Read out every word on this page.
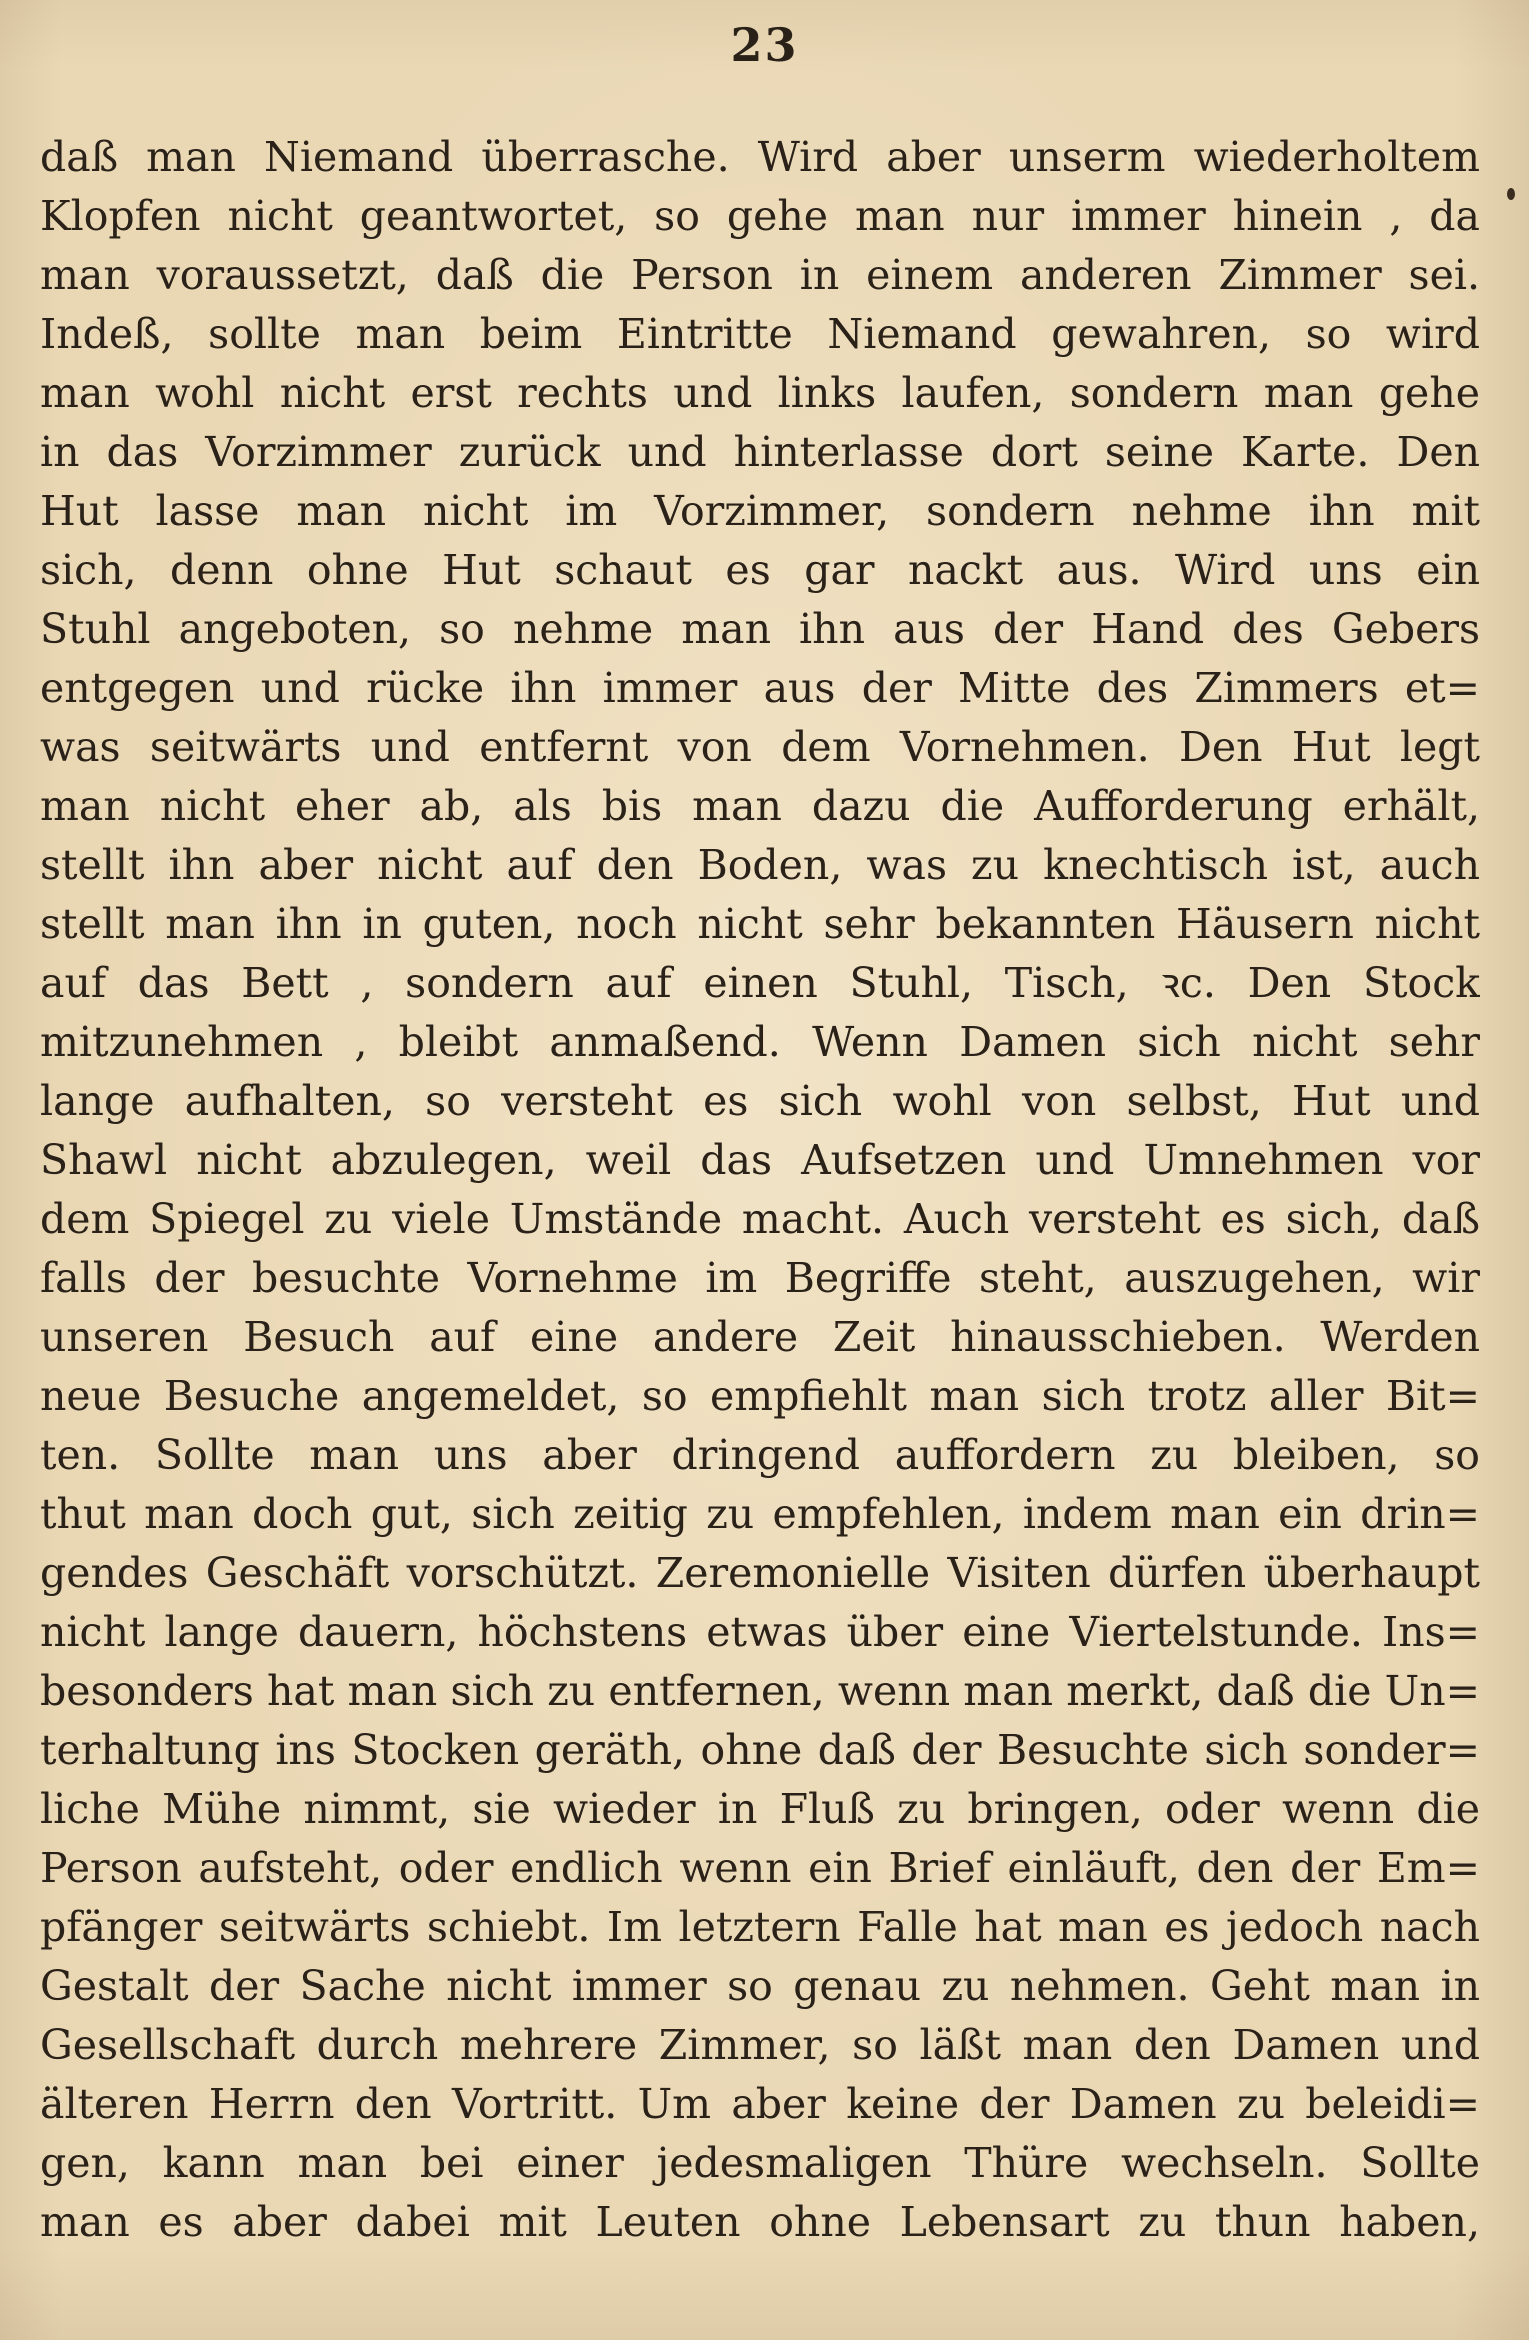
23
daß man Niemand überrasche. Wird aber unserm wiederholtem
Klopfen nicht geantwortet, so gehe man nur immer hinein , da
man voraussetzt, daß die Person in einem anderen Zimmer sei.
Indeß, sollte man beim Eintritte Niemand gewahren, so wird
man wohl nicht erst rechts und links laufen, sondern man gehe
in das Vorzimmer zurück und hinterlasse dort seine Karte. Den
Hut lasse man nicht im Vorzimmer, sondern nehme ihn mit
sich, denn ohne Hut schaut es gar nackt aus. Wird uns ein
Stuhl angeboten, so nehme man ihn aus der Hand des Gebers
entgegen und rücke ihn immer aus der Mitte des Zimmers et=
was seitwärts und entfernt von dem Vornehmen. Den Hut legt
man nicht eher ab, als bis man dazu die Aufforderung erhält,
stellt ihn aber nicht auf den Boden, was zu knechtisch ist, auch
stellt man ihn in guten, noch nicht sehr bekannten Häusern nicht
auf das Bett , sondern auf einen Stuhl, Tisch, ꝛc. Den Stock
mitzunehmen , bleibt anmaßend. Wenn Damen sich nicht sehr
lange aufhalten, so versteht es sich wohl von selbst, Hut und
Shawl nicht abzulegen, weil das Aufsetzen und Umnehmen vor
dem Spiegel zu viele Umstände macht. Auch versteht es sich, daß
falls der besuchte Vornehme im Begriffe steht, auszugehen, wir
unseren Besuch auf eine andere Zeit hinausschieben. Werden
neue Besuche angemeldet, so empfiehlt man sich trotz aller Bit=
ten. Sollte man uns aber dringend auffordern zu bleiben, so
thut man doch gut, sich zeitig zu empfehlen, indem man ein drin=
gendes Geschäft vorschützt. Zeremonielle Visiten dürfen überhaupt
nicht lange dauern, höchstens etwas über eine Viertelstunde. Ins=
besonders hat man sich zu entfernen, wenn man merkt, daß die Un=
terhaltung ins Stocken geräth, ohne daß der Besuchte sich sonder=
liche Mühe nimmt, sie wieder in Fluß zu bringen, oder wenn die
Person aufsteht, oder endlich wenn ein Brief einläuft, den der Em=
pfänger seitwärts schiebt. Im letztern Falle hat man es jedoch nach
Gestalt der Sache nicht immer so genau zu nehmen. Geht man in
Gesellschaft durch mehrere Zimmer, so läßt man den Damen und
älteren Herrn den Vortritt. Um aber keine der Damen zu beleidi=
gen, kann man bei einer jedesmaligen Thüre wechseln. Sollte
man es aber dabei mit Leuten ohne Lebensart zu thun haben,
